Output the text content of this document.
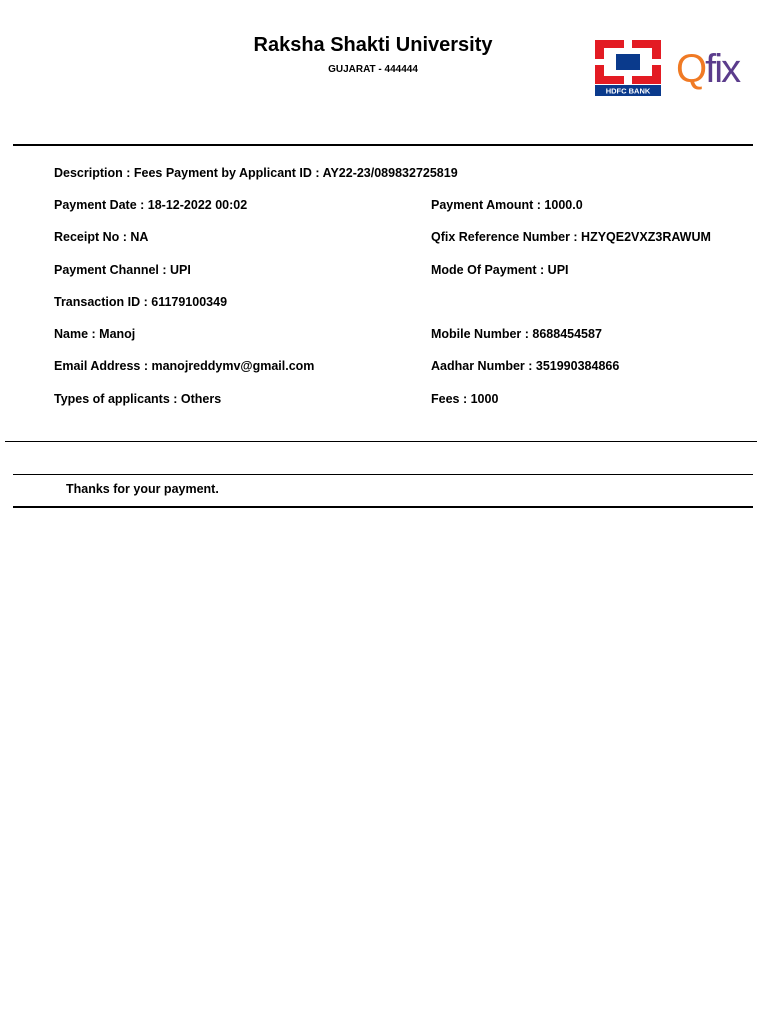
Raksha Shakti University
GUJARAT - 444444
HDFC BANK Qfix
Description : Fees Payment by Applicant ID : AY22-23/089832725819
Payment Date : 18-12-2022 00:02	Payment Amount : 1000.0
Receipt No : NA	Qfix Reference Number : HZYQE2VXZ3RAWUM
Payment Channel : UPI	Mode Of Payment : UPI
Transaction ID : 61179100349
Name : Manoj	Mobile Number : 8688454587
Email Address : manojreddymv@gmail.com	Aadhar Number : 351990384866
Types of applicants : Others	Fees : 1000
Thanks for your payment.
